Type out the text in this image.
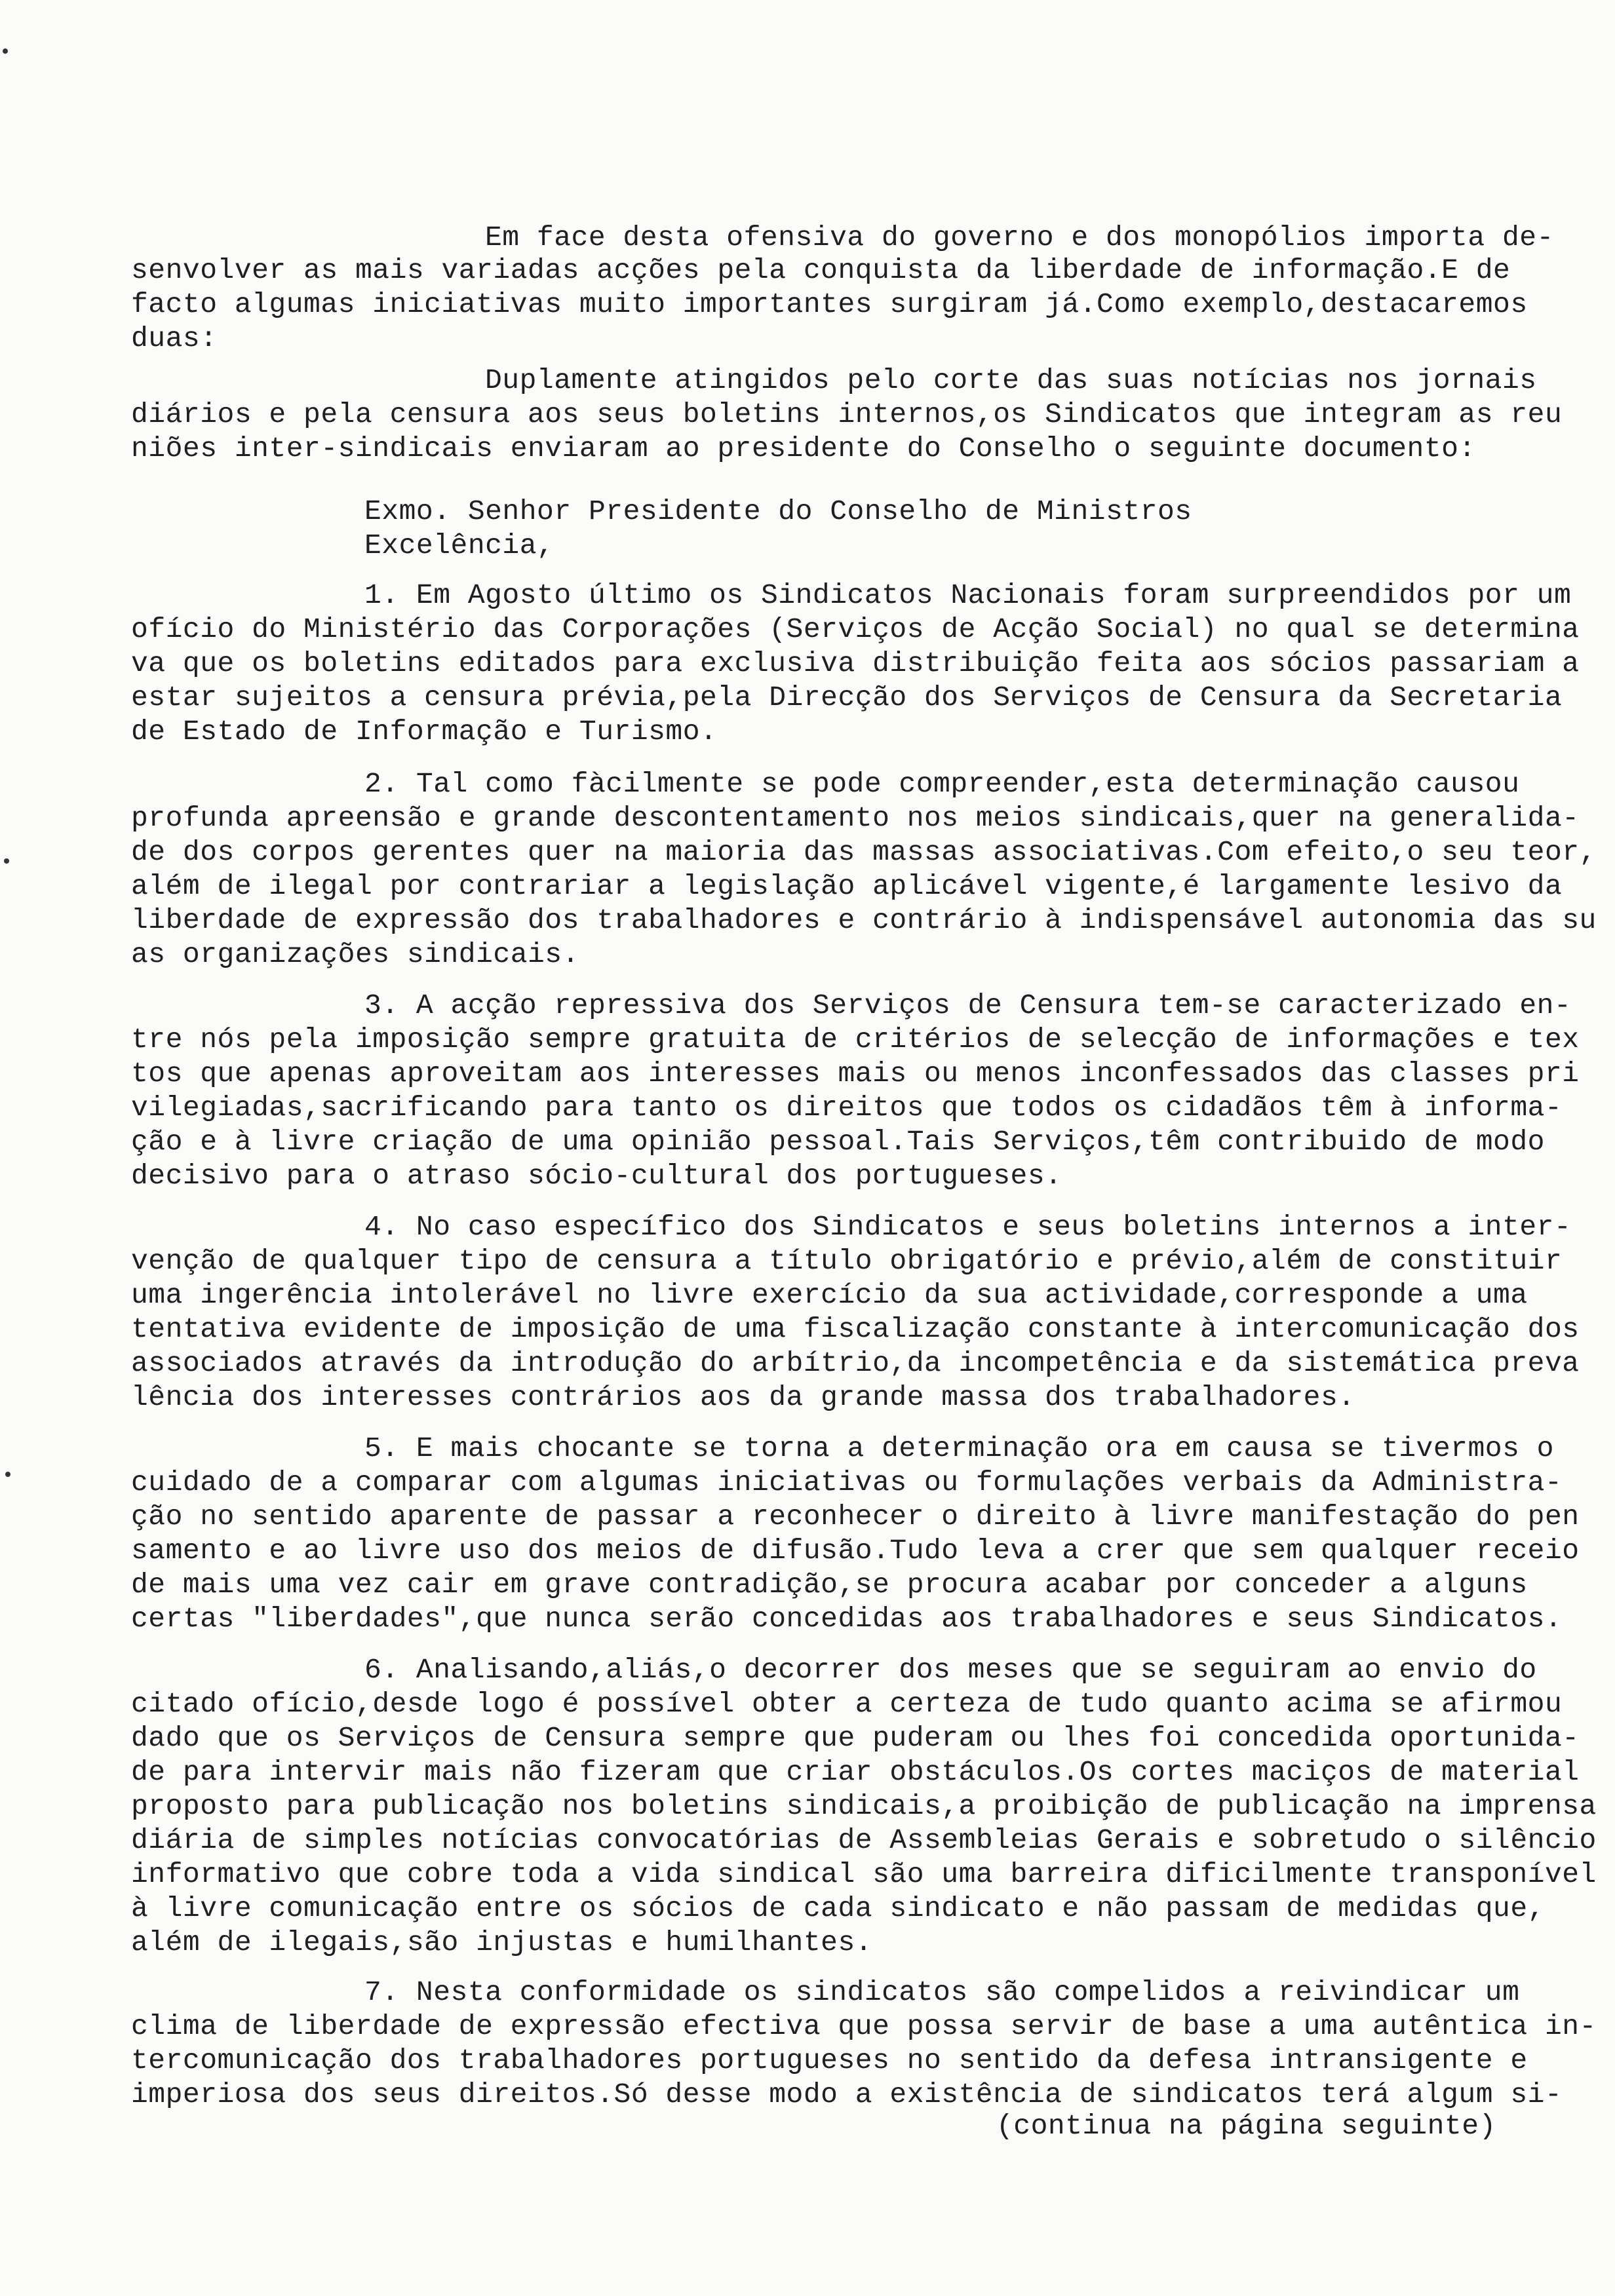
Em face desta ofensiva do governo e dos monopólios importa de-
senvolver as mais variadas acções pela conquista da liberdade de informação.E de
facto algumas iniciativas muito importantes surgiram já.Como exemplo,destacaremos
duas:
Duplamente atingidos pelo corte das suas notícias nos jornais
diários e pela censura aos seus boletins internos,os Sindicatos que integram as reu
niões inter-sindicais enviaram ao presidente do Conselho o seguinte documento:
Exmo. Senhor Presidente do Conselho de Ministros
Excelência,
1. Em Agosto último os Sindicatos Nacionais foram surpreendidos por um
ofício do Ministério das Corporações (Serviços de Acção Social) no qual se determina
va que os boletins editados para exclusiva distribuição feita aos sócios passariam a
estar sujeitos a censura prévia,pela Direcção dos Serviços de Censura da Secretaria
de Estado de Informação e Turismo.
2. Tal como fàcilmente se pode compreender,esta determinação causou
profunda apreensão e grande descontentamento nos meios sindicais,quer na generalida-
de dos corpos gerentes quer na maioria das massas associativas.Com efeito,o seu teor,
além de ilegal por contrariar a legislação aplicável vigente,é largamente lesivo da
liberdade de expressão dos trabalhadores e contrário à indispensável autonomia das su
as organizações sindicais.
3. A acção repressiva dos Serviços de Censura tem-se caracterizado en-
tre nós pela imposição sempre gratuita de critérios de selecção de informações e tex
tos que apenas aproveitam aos interesses mais ou menos inconfessados das classes pri
vilegiadas,sacrificando para tanto os direitos que todos os cidadãos têm à informa-
ção e à livre criação de uma opinião pessoal.Tais Serviços,têm contribuido de modo
decisivo para o atraso sócio-cultural dos portugueses.
4. No caso específico dos Sindicatos e seus boletins internos a inter-
venção de qualquer tipo de censura a título obrigatório e prévio,além de constituir
uma ingerência intolerável no livre exercício da sua actividade,corresponde a uma
tentativa evidente de imposição de uma fiscalização constante à intercomunicação dos
associados através da introdução do arbítrio,da incompetência e da sistemática preva
lência dos interesses contrários aos da grande massa dos trabalhadores.
5. E mais chocante se torna a determinação ora em causa se tivermos o
cuidado de a comparar com algumas iniciativas ou formulações verbais da Administra-
ção no sentido aparente de passar a reconhecer o direito à livre manifestação do pen
samento e ao livre uso dos meios de difusão.Tudo leva a crer que sem qualquer receio
de mais uma vez cair em grave contradição,se procura acabar por conceder a alguns
certas "liberdades",que nunca serão concedidas aos trabalhadores e seus Sindicatos.
6. Analisando,aliás,o decorrer dos meses que se seguiram ao envio do
citado ofício,desde logo é possível obter a certeza de tudo quanto acima se afirmou
dado que os Serviços de Censura sempre que puderam ou lhes foi concedida oportunida-
de para intervir mais não fizeram que criar obstáculos.Os cortes maciços de material
proposto para publicação nos boletins sindicais,a proibição de publicação na imprensa
diária de simples notícias convocatórias de Assembleias Gerais e sobretudo o silêncio
informativo que cobre toda a vida sindical são uma barreira dificilmente transponível
à livre comunicação entre os sócios de cada sindicato e não passam de medidas que,
além de ilegais,são injustas e humilhantes.
7. Nesta conformidade os sindicatos são compelidos a reivindicar um
clima de liberdade de expressão efectiva que possa servir de base a uma autêntica in-
tercomunicação dos trabalhadores portugueses no sentido da defesa intransigente e
imperiosa dos seus direitos.Só desse modo a existência de sindicatos terá algum si-
(continua na página seguinte)
